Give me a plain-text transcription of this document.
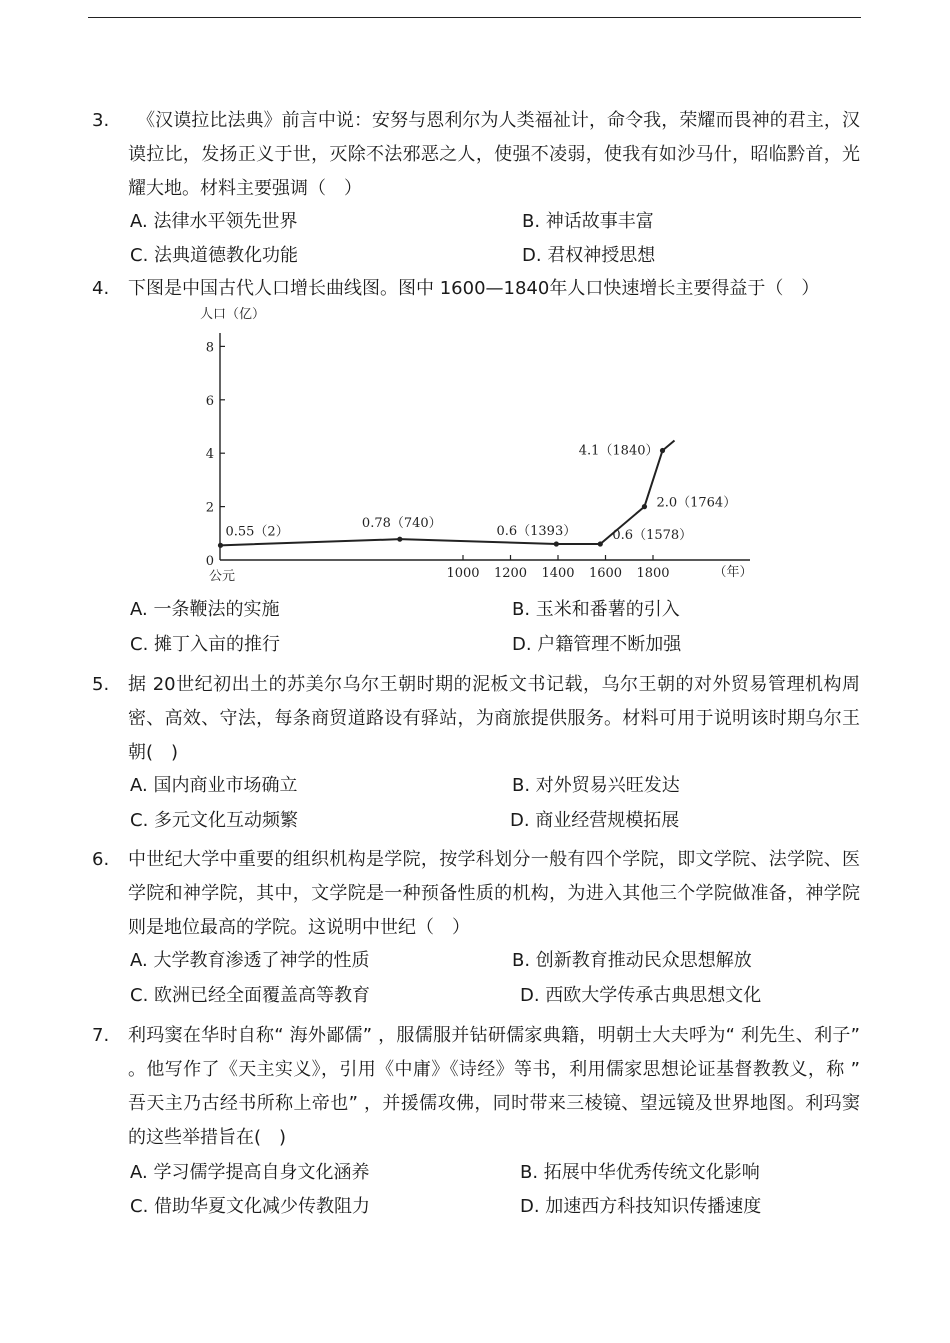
3. 　《汉谟拉比法典》前言中说：安努与恩利尔为人类福祉计，命令我，荣耀而畏神的君主，汉谟拉比，发扬正义于世，灭除不法邪恶之人，使强不凌弱，使我有如沙马什，昭临黔首，光耀大地。材料主要强调（　）
A. 法律水平领先世界	B. 神话故事丰富
C. 法典道德教化功能	D. 君权神授思想
4. 下图是中国古代人口增长曲线图。图中 1600—1840年人口快速增长主要得益于（　）
0
2
4
6
8
1000 1200 1400 1600 1800
公元	（年）
人口（亿）
0.55（2）
0.78（740）
0.6（1393）	0.6（1578）
2.0（1764）
4.1（1840）
A. 一条鞭法的实施	B. 玉米和番薯的引入
C. 摊丁入亩的推行	D. 户籍管理不断加强
5. 据 20世纪初出土的苏美尔乌尔王朝时期的泥板文书记载，乌尔王朝的对外贸易管理机构周密、高效、守法，每条商贸道路设有驿站，为商旅提供服务。材料可用于说明该时期乌尔王朝(　)
A. 国内商业市场确立	B. 对外贸易兴旺发达
C. 多元文化互动频繁	D. 商业经营规模拓展
6. 中世纪大学中重要的组织机构是学院，按学科划分一般有四个学院，即文学院、法学院、医学院和神学院，其中，文学院是一种预备性质的机构，为进入其他三个学院做准备，神学院则是地位最高的学院。这说明中世纪（　）
A. 大学教育渗透了神学的性质	B. 创新教育推动民众思想解放
C. 欧洲已经全面覆盖高等教育	D. 西欧大学传承古典思想文化
7. 利玛窦在华时自称“ 海外鄙儒” ，服儒服并钻研儒家典籍，明朝士大夫呼为“ 利先生、利子” 。他写作了《天主实义》，引用《中庸》《诗经》等书，利用儒家思想论证基督教教义，称 ” 吾天主乃古经书所称上帝也” ，并援儒攻佛，同时带来三棱镜、望远镜及世界地图。利玛窦的这些举措旨在(　)
A. 学习儒学提高自身文化涵养	B. 拓展中华优秀传统文化影响
C. 借助华夏文化减少传教阻力	D. 加速西方科技知识传播速度
